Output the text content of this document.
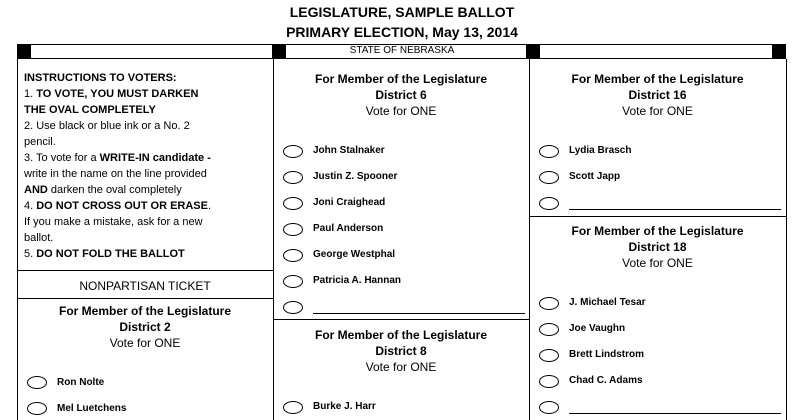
LEGISLATURE, SAMPLE BALLOT
PRIMARY ELECTION, May 13, 2014
STATE OF NEBRASKA
INSTRUCTIONS TO VOTERS:
1. TO VOTE, YOU MUST DARKEN
THE OVAL COMPLETELY
2. Use black or blue ink or a No. 2
pencil.
3. To vote for a WRITE-IN candidate -
write in the name on the line provided
AND darken the oval completely
4. DO NOT CROSS OUT OR ERASE.
If you make a mistake, ask for a new
ballot.
5. DO NOT FOLD THE BALLOT
NONPARTISAN TICKET
For Member of the Legislature
District 2
Vote for ONE
Ron Nolte
Mel Luetchens
For Member of the Legislature
District 6
Vote for ONE
John Stalnaker
Justin Z. Spooner
Joni Craighead
Paul Anderson
George Westphal
Patricia A. Hannan
For Member of the Legislature
District 8
Vote for ONE
Burke J. Harr
For Member of the Legislature
District 16
Vote for ONE
Lydia Brasch
Scott Japp
For Member of the Legislature
District 18
Vote for ONE
J. Michael Tesar
Joe Vaughn
Brett Lindstrom
Chad C. Adams
